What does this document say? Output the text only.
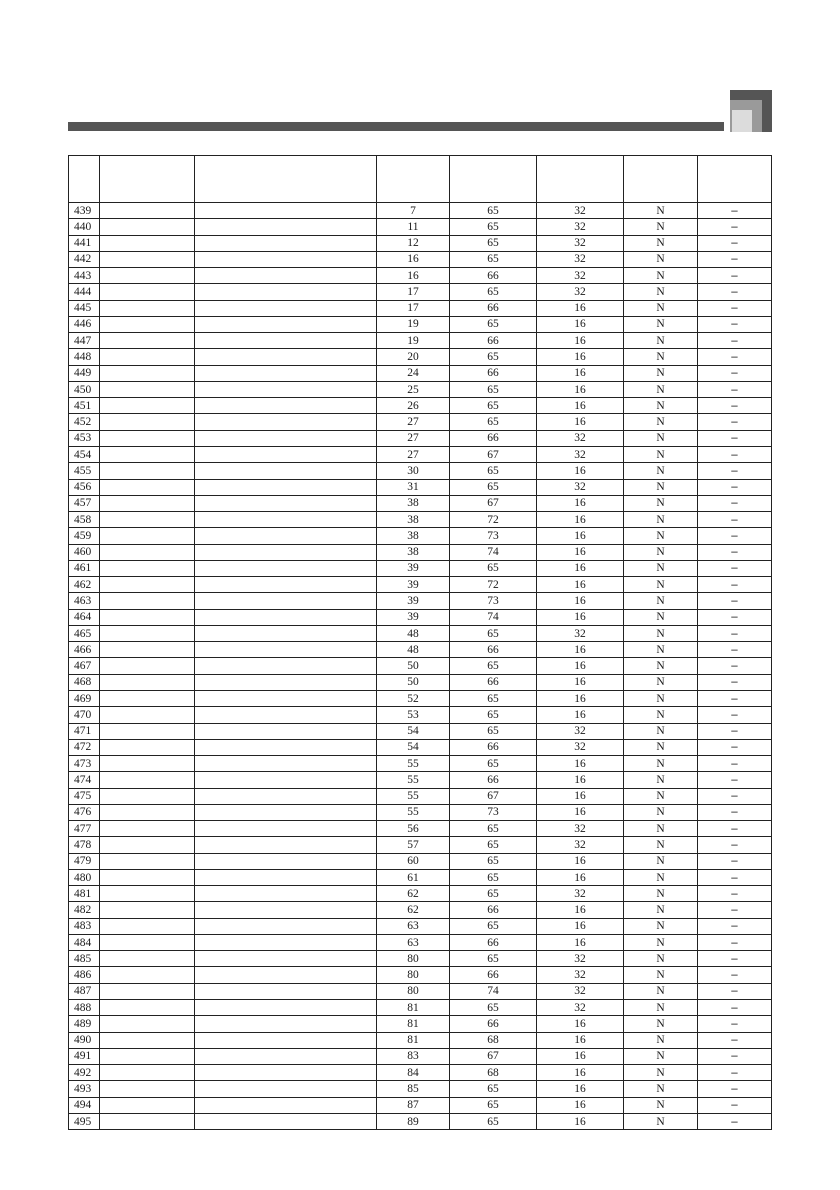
439			7	65	32	N	–
440			11	65	32	N	–
441			12	65	32	N	–
442			16	65	32	N	–
443			16	66	32	N	–
444			17	65	32	N	–
445			17	66	16	N	–
446			19	65	16	N	–
447			19	66	16	N	–
448			20	65	16	N	–
449			24	66	16	N	–
450			25	65	16	N	–
451			26	65	16	N	–
452			27	65	16	N	–
453			27	66	32	N	–
454			27	67	32	N	–
455			30	65	16	N	–
456			31	65	32	N	–
457			38	67	16	N	–
458			38	72	16	N	–
459			38	73	16	N	–
460			38	74	16	N	–
461			39	65	16	N	–
462			39	72	16	N	–
463			39	73	16	N	–
464			39	74	16	N	–
465			48	65	32	N	–
466			48	66	16	N	–
467			50	65	16	N	–
468			50	66	16	N	–
469			52	65	16	N	–
470			53	65	16	N	–
471			54	65	32	N	–
472			54	66	32	N	–
473			55	65	16	N	–
474			55	66	16	N	–
475			55	67	16	N	–
476			55	73	16	N	–
477			56	65	32	N	–
478			57	65	32	N	–
479			60	65	16	N	–
480			61	65	16	N	–
481			62	65	32	N	–
482			62	66	16	N	–
483			63	65	16	N	–
484			63	66	16	N	–
485			80	65	32	N	–
486			80	66	32	N	–
487			80	74	32	N	–
488			81	65	32	N	–
489			81	66	16	N	–
490			81	68	16	N	–
491			83	67	16	N	–
492			84	68	16	N	–
493			85	65	16	N	–
494			87	65	16	N	–
495			89	65	16	N	–
